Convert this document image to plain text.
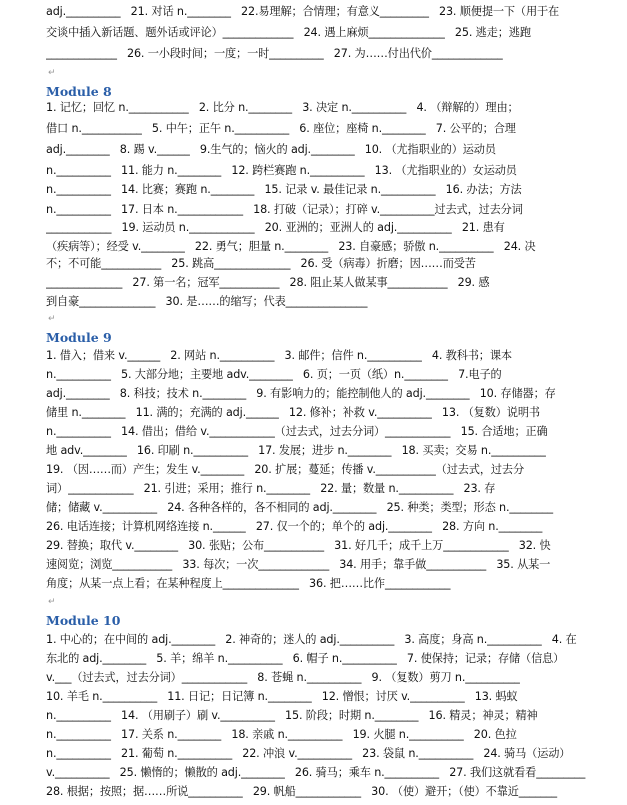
adj.__________   21. 对话 n.________   22.易理解；合情理；有意义_________   23. 顺便提一下（用于在
交谈中插入新话题、题外话或评论）_____________   24. 遇上麻烦______________   25. 逃走；逃跑
_____________   26. 一小段时间；一度；一时__________   27. 为……付出代价_____________
↵
Module 8
1. 记忆；回忆 n.___________   2. 比分 n.________   3. 决定 n.__________   4. （辩解的）理由；
借口 n.___________   5. 中午；正午 n.__________   6. 座位；座椅 n.________   7. 公平的；合理
adj.________   8. 踢 v.______   9.生气的；恼火的 adj.________   10. （尤指职业的）运动员
n.__________   11. 能力 n.________   12. 跨栏赛跑 n.__________   13. （尤指职业的）女运动员
n.__________   14. 比赛；赛跑 n.________   15. 记录 v. 最佳记录 n.__________   16. 办法；方法
n.__________   17. 日本 n.____________   18. 打破（记录）；打碎 v.__________过去式，过去分词
____________   19. 运动员 n.____________   20. 亚洲的；亚洲人的 adj.__________   21. 患有
（疾病等）；经受 v.________   22. 勇气；胆量 n.________   23. 自豪感；骄傲 n.__________   24. 决
不；不可能___________   25. 跳高______________   26. 受（病毒）折磨；因……而受苦
______________   27. 第一名；冠军___________   28. 阻止某人做某事___________   29. 感
到自豪______________   30. 是……的缩写；代表_______________
↵
Module 9
1. 借入；借来 v.______   2. 网站 n.__________   3. 邮件；信件 n.__________   4. 教科书；课本
n.__________   5. 大部分地；主要地 adv.________   6. 页；一页（纸）n.________   7.电子的
adj.________   8. 科技；技术 n.________   9. 有影响力的；能控制他人的 adj.________   10. 存储器；存
储里 n.________   11. 满的；充满的 adj.______   12. 修补；补救 v.__________   13. （复数）说明书
n.__________   14. 借出；借给 v.____________（过去式，过去分词）____________   15. 合适地；正确
地 adv.________   16. 印刷 n.__________   17. 发展；进步 n.________   18. 买卖；交易 n.__________
19. （因……而）产生；发生 v.________   20. 扩展；蔓延；传播 v.___________（过去式，过去分
词）____________   21. 引进；采用；推行 n.________   22. 量；数量 n.__________   23. 存
储；储藏 v.__________   24. 各种各样的，各不相同的 adj.________   25. 种类；类型；形态 n.________
26. 电话连接；计算机网络连接 n.______   27. 仅一个的；单个的 adj.________   28. 方向 n.________
29. 替换；取代 v.________   30. 张贴；公布___________   31. 好几千；成千上万____________   32. 快
速阅览；浏览___________   33. 每次；一次_____________   34. 用手；靠手做___________   35. 从某一
角度；从某一点上看；在某种程度上______________   36. 把……比作____________
↵
Module 10
1. 中心的；在中间的 adj.________   2. 神奇的；迷人的 adj.__________   3. 高度；身高 n.__________   4. 在
东北的 adj.________   5. 羊；绵羊 n.__________   6. 帽子 n.__________   7. 使保持；记录；存储（信息）
v.___（过去式，过去分词）____________   8. 苍蝇 n.__________   9. （复数）剪刀 n.__________
10. 羊毛 n.__________   11. 日记；日记簿 n.________   12. 憎恨；讨厌 v.__________   13. 蚂蚁
n.__________   14. （用刷子）刷 v.__________   15. 阶段；时期 n.________   16. 精灵；神灵；精神
n.__________   17. 关系 n.________   18. 亲戚 n.__________   19. 火腿 n.__________   20. 色拉
n.__________   21. 葡萄 n.__________   22. 冲浪 v.__________   23. 袋鼠 n.__________   24. 骑马（运动）
v.__________   25. 懒惰的；懒散的 adj.________   26. 骑马；乘车 n.__________   27. 我们这就看看_________
28. 根据；按照；据……所说__________   29. 帆船____________   30. （使）避开；（使）不靠近_______
